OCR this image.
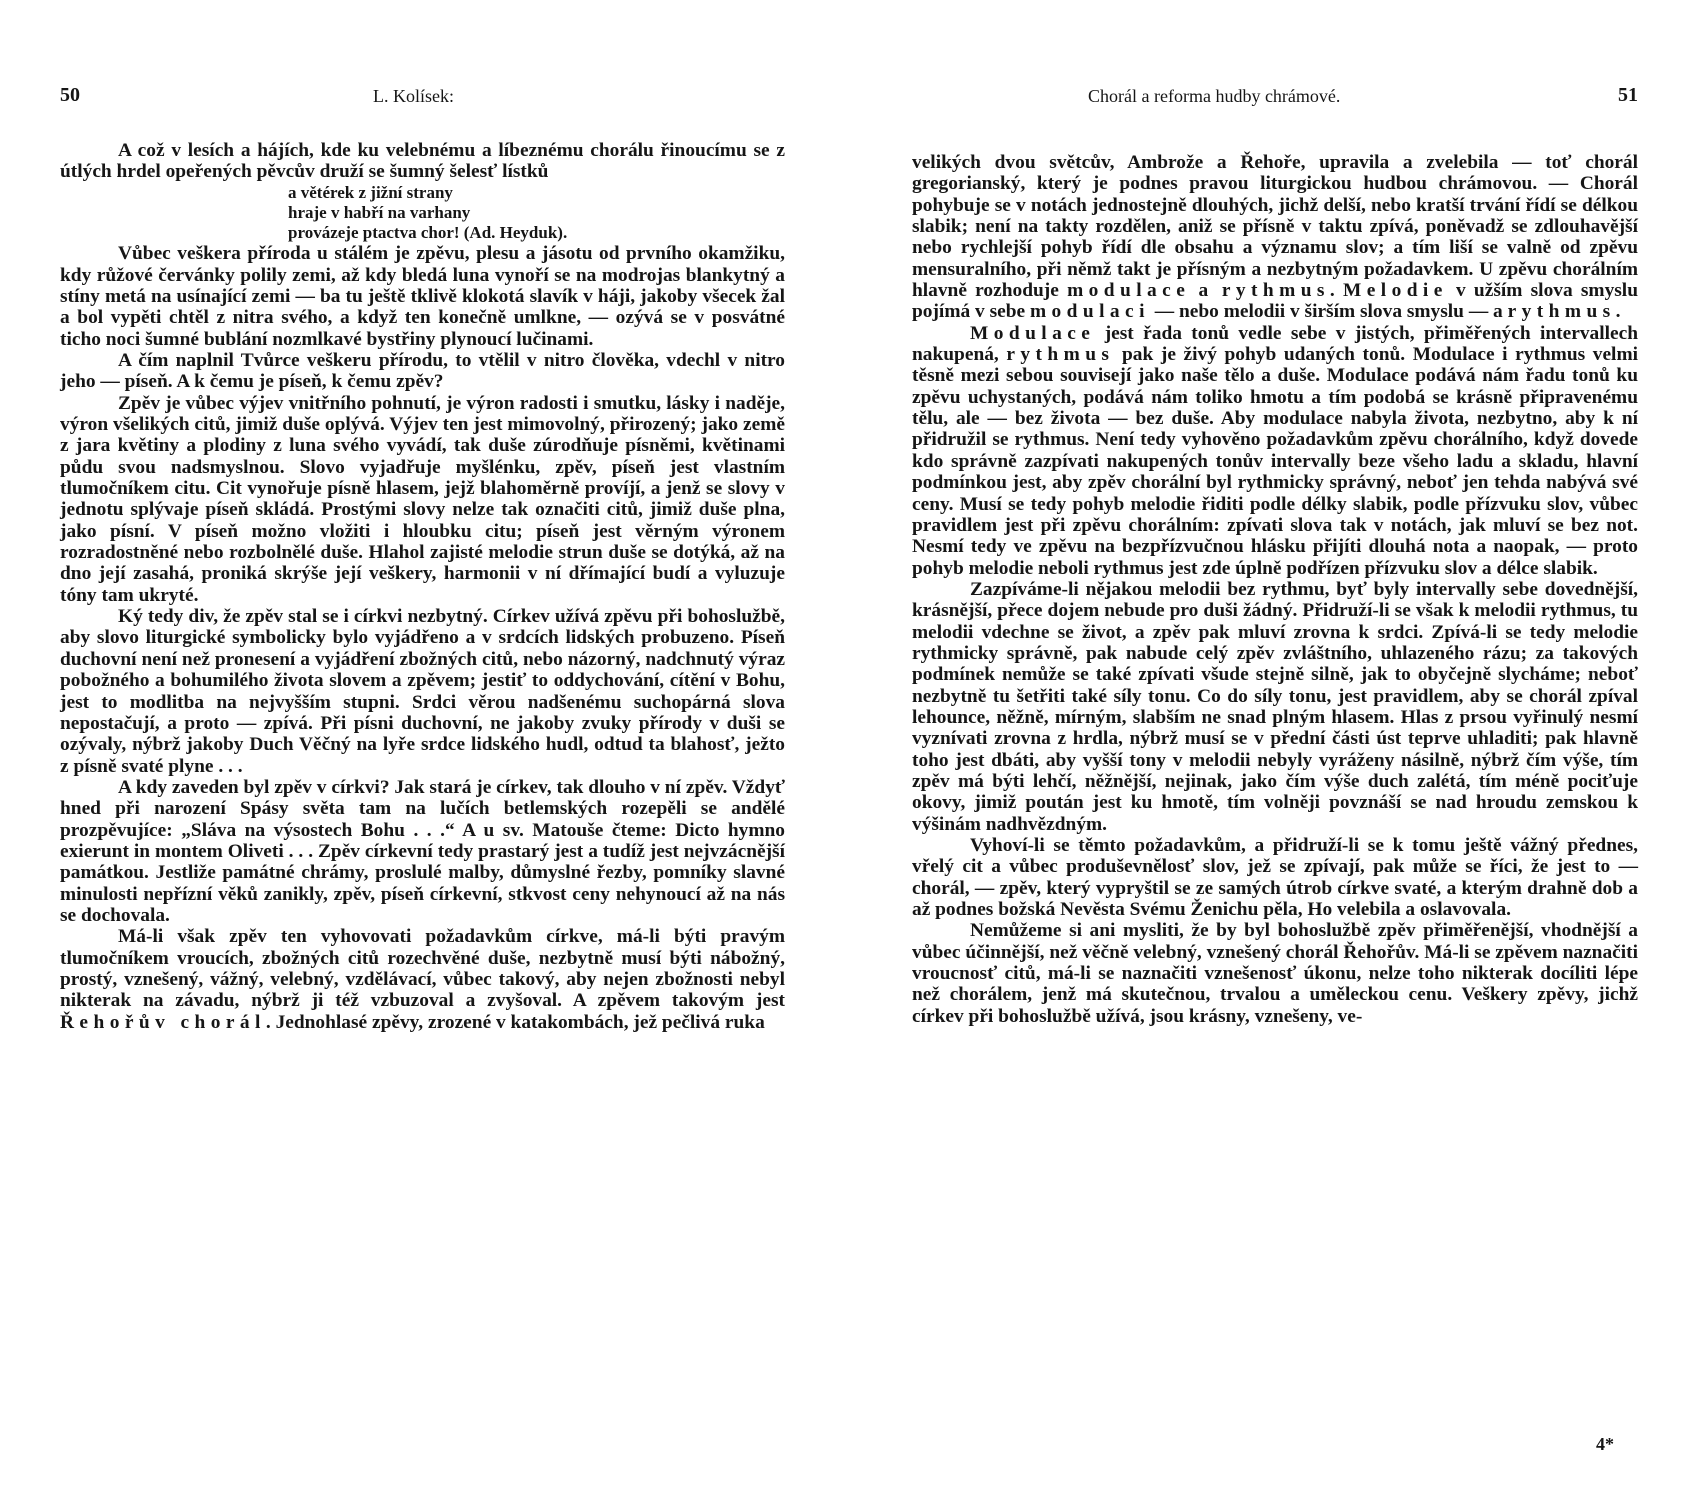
50	L. Kolísek:

A což v lesích a hájích, kde ku velebnému a líbeznému chorálu řinoucímu se z útlých hrdel opeřených pěvcův druží se šumný šelesť lístků

a větérek z jižní strany
hraje v habří na varhany
provázeje ptactva chor! (Ad. Heyduk).

Vůbec veškera příroda u stálém je zpěvu, plesu a jásotu od prvního okamžiku, kdy růžové červánky polily zemi, až kdy bledá luna vynoří se na modrojas blankytný a stíny metá na usínající zemi — ba tu ještě tklivě klokotá slavík v háji, jakoby všecek žal a bol vypěti chtěl z nitra svého, a když ten konečně umlkne, — ozývá se v posvátné ticho noci šumné bublání nozmlkavé bystřiny plynoucí lučinami.

A čím naplnil Tvůrce veškeru přírodu, to vtělil v nitro člověka, vdechl v nitro jeho — píseň. A k čemu je píseň, k čemu zpěv?

Zpěv je vůbec výjev vnitřního pohnutí, je výron radosti i smutku, lásky i naděje, výron všelikých citů, jimiž duše oplývá. Výjev ten jest mimovolný, přirozený; jako země z jara květiny a plodiny z luna svého vyvádí, tak duše zúrodňuje písněmi, květinami půdu svou nadsmyslnou. Slovo vyjadřuje myšlénku, zpěv, píseň jest vlastním tlumočníkem citu. Cit vynořuje písně hlasem, jejž blahoměrně províjí, a jenž se slovy v jednotu splývaje píseň skládá. Prostými slovy nelze tak označiti citů, jimiž duše plna, jako písní. V píseň možno vložiti i hloubku citu; píseň jest věrným výronem rozradostněné nebo rozbolnělé duše. Hlahol zajisté melodie strun duše se dotýká, až na dno její zasahá, proniká skrýše její veškery, harmonii v ní dřímající budí a vyluzuje tóny tam ukryté.

Ký tedy div, že zpěv stal se i církvi nezbytný. Církev užívá zpěvu při bohoslužbě, aby slovo liturgické symbolicky bylo vyjádřeno a v srdcích lidských probuzeno. Píseň duchovní není než pronesení a vyjádření zbožných citů, nebo názorný, nadchnutý výraz pobožného a bohumilého života slovem a zpěvem; jestiť to oddychování, cítění v Bohu, jest to modlitba na nejvyšším stupni. Srdci věrou nadšenému suchopárná slova nepostačují, a proto — zpívá. Při písni duchovní, ne jakoby zvuky přírody v duši se ozývaly, nýbrž jakoby Duch Věčný na lyře srdce lidského hudl, odtud ta blahosť, ježto z písně svaté plyne . . .

A kdy zaveden byl zpěv v církvi? Jak stará je církev, tak dlouho v ní zpěv. Vždyť hned při narození Spásy světa tam na lučích betlemských rozepěli se andělé prozpěvujíce: „Sláva na výsostech Bohu . . .“ A u sv. Matouše čteme: Dicto hymno exierunt in montem Oliveti . . . Zpěv církevní tedy prastarý jest a tudíž jest nejvzácnější památkou. Jestliže památné chrámy, proslulé malby, důmyslné řezby, pomníky slavné minulosti nepřízní věků zanikly, zpěv, píseň církevní, stkvost ceny nehynoucí až na nás se dochovala.

Má-li však zpěv ten vyhovovati požadavkům církve, má-li býti pravým tlumočníkem vroucích, zbožných citů rozechvěné duše, nezbytně musí býti nábožný, prostý, vznešený, vážný, velebný, vzdělávací, vůbec takový, aby nejen zbožnosti nebyl nikterak na závadu, nýbrž ji též vzbuzoval a zvyšoval. A zpěvem takovým jest Řehořův chorál. Jednohlasé zpěvy, zrozené v katakombách, jež pečlivá ruka

Chorál a reforma hudby chrámové.	51

velikých dvou světcův, Ambrože a Řehoře, upravila a zvelebila — toť chorál gregorianský, který je podnes pravou liturgickou hudbou chrámovou. — Chorál pohybuje se v notách jednostejně dlouhých, jichž delší, nebo kratší trvání řídí se délkou slabik; není na takty rozdělen, aniž se přísně v taktu zpívá, poněvadž se zdlouhavější nebo rychlejší pohyb řídí dle obsahu a významu slov; a tím liší se valně od zpěvu mensuralního, při němž takt je přísným a nezbytným požadavkem. U zpěvu chorálním hlavně rozhoduje modulace a rythmus. Melodie v užším slova smyslu pojímá v sebe modulaci — nebo melodii v širším slova smyslu — a rythmus.

Modulace jest řada tonů vedle sebe v jistých, přiměřených intervallech nakupená, rythmus pak je živý pohyb udaných tonů. Modulace i rythmus velmi těsně mezi sebou souvisejí jako naše tělo a duše. Modulace podává nám řadu tonů ku zpěvu uchystaných, podává nám toliko hmotu a tím podobá se krásně připravenému tělu, ale — bez života — bez duše. Aby modulace nabyla života, nezbytno, aby k ní přidružil se rythmus. Není tedy vyhověno požadavkům zpěvu chorálního, když dovede kdo správně zazpívati nakupených tonův intervally beze všeho ladu a skladu, hlavní podmínkou jest, aby zpěv chorální byl rythmicky správný, neboť jen tehda nabývá své ceny. Musí se tedy pohyb melodie řiditi podle délky slabik, podle přízvuku slov, vůbec pravidlem jest při zpěvu chorálním: zpívati slova tak v notách, jak mluví se bez not. Nesmí tedy ve zpěvu na bezpřízvučnou hlásku přijíti dlouhá nota a naopak, — proto pohyb melodie neboli rythmus jest zde úplně podřízen přízvuku slov a délce slabik.

Zazpíváme-li nějakou melodii bez rythmu, byť byly intervally sebe dovednější, krásnější, přece dojem nebude pro duši žádný. Přidruží-li se však k melodii rythmus, tu melodii vdechne se život, a zpěv pak mluví zrovna k srdci. Zpívá-li se tedy melodie rythmicky správně, pak nabude celý zpěv zvláštního, uhlazeného rázu; za takových podmínek nemůže se také zpívati všude stejně silně, jak to obyčejně slycháme; neboť nezbytně tu šetřiti také síly tonu. Co do síly tonu, jest pravidlem, aby se chorál zpíval lehounce, něžně, mírným, slabším ne snad plným hlasem. Hlas z prsou vyřinulý nesmí vyznívati zrovna z hrdla, nýbrž musí se v přední části úst teprve uhladiti; pak hlavně toho jest dbáti, aby vyšší tony v melodii nebyly vyráženy násilně, nýbrž čím výše, tím zpěv má býti lehčí, něžnější, nejinak, jako čím výše duch zalétá, tím méně pociťuje okovy, jimiž poután jest ku hmotě, tím volněji povznáší se nad hroudu zemskou k výšinám nadhvězdným.

Vyhoví-li se těmto požadavkům, a přidruží-li se k tomu ještě vážný přednes, vřelý cit a vůbec produševnělosť slov, jež se zpívají, pak může se říci, že jest to — chorál, — zpěv, který vypryštil se ze samých útrob církve svaté, a kterým drahně dob a až podnes božská Nevěsta Svému Ženichu pěla, Ho velebila a oslavovala.

Nemůžeme si ani mysliti, že by byl bohoslužbě zpěv přiměřenější, vhodnější a vůbec účinnější, než věčně velebný, vznešený chorál Řehořův. Má-li se zpěvem naznačiti vroucnosť citů, má-li se naznačiti vznešenosť úkonu, nelze toho nikterak docíliti lépe než chorálem, jenž má skutečnou, trvalou a uměleckou cenu. Veškery zpěvy, jichž církev při bohoslužbě užívá, jsou krásny, vznešeny, ve-

4*
